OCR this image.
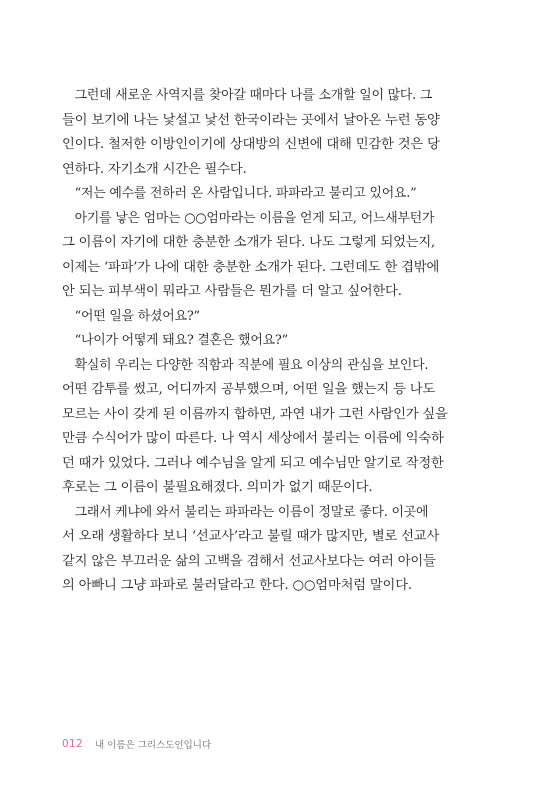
그런데 새로운 사역지를 찾아갈 때마다 나를 소개할 일이 많다. 그
들이 보기에 나는 낯설고 낯선 한국이라는 곳에서 날아온 누런 동양
인이다. 철저한 이방인이기에 상대방의 신변에 대해 민감한 것은 당
연하다. 자기소개 시간은 필수다.

“저는 예수를 전하러 온 사람입니다. 파파라고 불리고 있어요.”

아기를 낳은 엄마는 ○○엄마라는 이름을 얻게 되고, 어느새부턴가
그 이름이 자기에 대한 충분한 소개가 된다. 나도 그렇게 되었는지,
이제는 ‘파파’가 나에 대한 충분한 소개가 된다. 그런데도 한 겹밖에
안 되는 피부색이 뭐라고 사람들은 뭔가를 더 알고 싶어한다.

“어떤 일을 하셨어요?”

“나이가 어떻게 돼요? 결혼은 했어요?”

확실히 우리는 다양한 직함과 직분에 필요 이상의 관심을 보인다.
어떤 감투를 썼고, 어디까지 공부했으며, 어떤 일을 했는지 등 나도
모르는 사이 갖게 된 이름까지 합하면, 과연 내가 그런 사람인가 싶을
만큼 수식어가 많이 따른다. 나 역시 세상에서 불리는 이름에 익숙하
던 때가 있었다. 그러나 예수님을 알게 되고 예수님만 알기로 작정한
후로는 그 이름이 불필요해졌다. 의미가 없기 때문이다.

그래서 케냐에 와서 불리는 파파라는 이름이 정말로 좋다. 이곳에
서 오래 생활하다 보니 ‘선교사’라고 불릴 때가 많지만, 별로 선교사
같지 않은 부끄러운 삶의 고백을 겸해서 선교사보다는 여러 아이들
의 아빠니 그냥 파파로 불러달라고 한다. ○○엄마처럼 말이다.

012 내 이름은 그리스도인입니다
